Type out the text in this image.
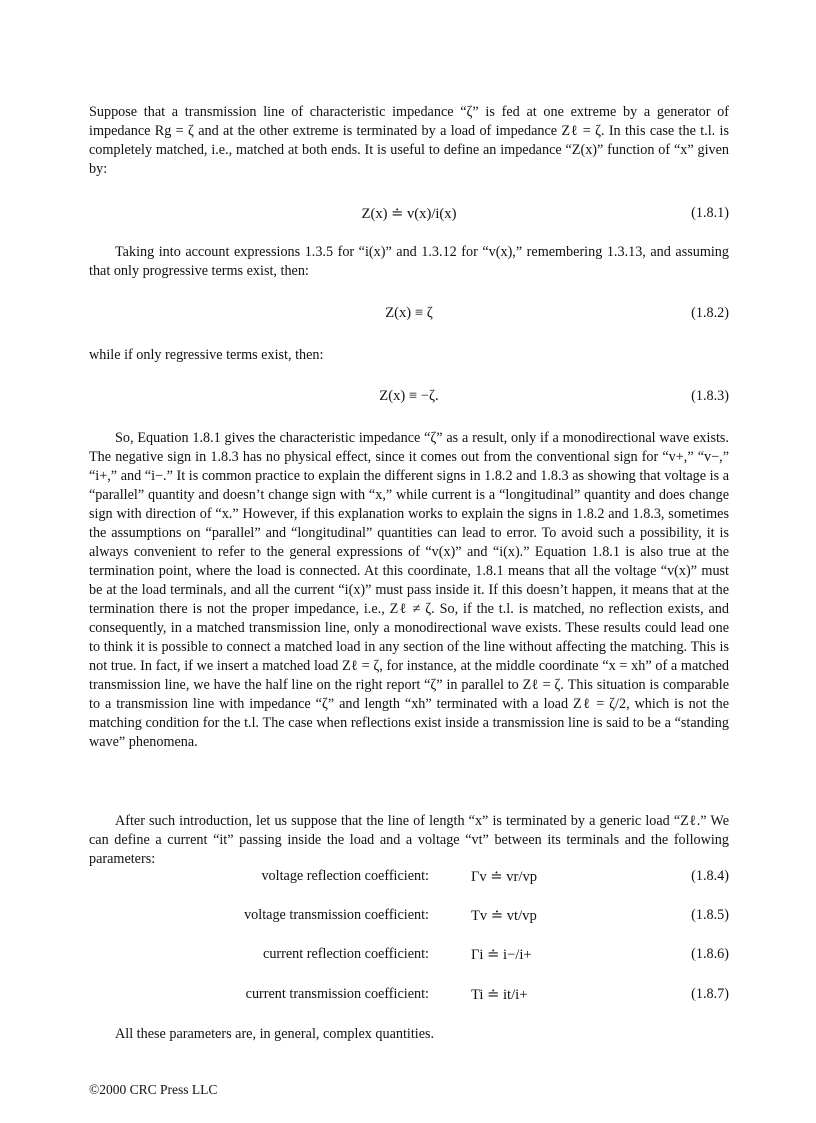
Suppose that a transmission line of characteristic impedance “ζ” is fed at one extreme by a generator of impedance Rg = ζ and at the other extreme is terminated by a load of impedance Zℓ = ζ. In this case the t.l. is completely matched, i.e., matched at both ends. It is useful to define an impedance “Z(x)” function of “x” given by:

Z(x) ≐ v(x)/i(x)	(1.8.1)

Taking into account expressions 1.3.5 for “i(x)” and 1.3.12 for “v(x),” remembering 1.3.13, and assuming that only progressive terms exist, then:

Z(x) ≡ ζ	(1.8.2)

while if only regressive terms exist, then:

Z(x) ≡ −ζ.	(1.8.3)

So, Equation 1.8.1 gives the characteristic impedance “ζ” as a result, only if a monodirectional wave exists. The negative sign in 1.8.3 has no physical effect, since it comes out from the conventional sign for “v+,” “v−,” “i+,” and “i−.” It is common practice to explain the different signs in 1.8.2 and 1.8.3 as showing that voltage is a “parallel” quantity and doesn’t change sign with “x,” while current is a “longitudinal” quantity and does change sign with direction of “x.” However, if this explanation works to explain the signs in 1.8.2 and 1.8.3, sometimes the assumptions on “parallel” and “longitudinal” quantities can lead to error. To avoid such a possibility, it is always convenient to refer to the general expressions of “v(x)” and “i(x).” Equation 1.8.1 is also true at the termination point, where the load is connected. At this coordinate, 1.8.1 means that all the voltage “v(x)” must be at the load terminals, and all the current “i(x)” must pass inside it. If this doesn’t happen, it means that at the termination there is not the proper impedance, i.e., Zℓ ≠ ζ. So, if the t.l. is matched, no reflection exists, and consequently, in a matched transmission line, only a monodirectional wave exists. These results could lead one to think it is possible to connect a matched load in any section of the line without affecting the matching. This is not true. In fact, if we insert a matched load Zℓ = ζ, for instance, at the middle coordinate “x = xh” of a matched transmission line, we have the half line on the right report “ζ” in parallel to Zℓ = ζ. This situation is comparable to a transmission line with impedance “ζ” and length “xh” terminated with a load Zℓ = ζ/2, which is not the matching condition for the t.l. The case when reflections exist inside a transmission line is said to be a “standing wave” phenomena.

After such introduction, let us suppose that the line of length “x” is terminated by a generic load “Zℓ.” We can define a current “it” passing inside the load and a voltage “vt” between its terminals and the following parameters:

voltage reflection coefficient:	Γv ≐ vr/vp	(1.8.4)
voltage transmission coefficient:	Tv ≐ vt/vp	(1.8.5)
current reflection coefficient:	Γi ≐ i−/i+	(1.8.6)
current transmission coefficient:	Ti ≐ it/i+	(1.8.7)

All these parameters are, in general, complex quantities.

©2000 CRC Press LLC
